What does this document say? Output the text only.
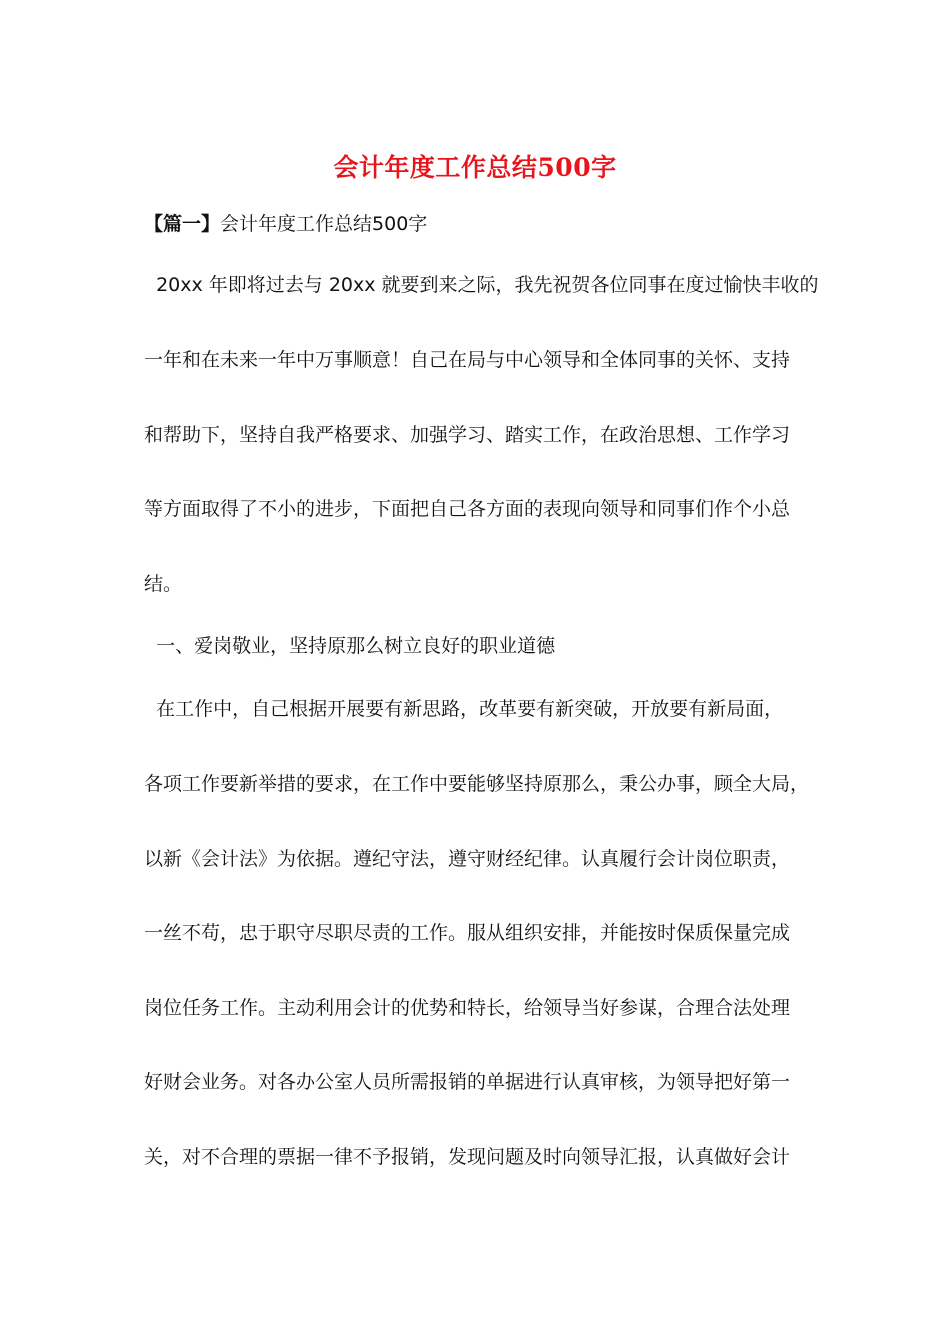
会计年度工作总结500字
【篇一】会计年度工作总结500字
20xx 年即将过去与 20xx 就要到来之际，我先祝贺各位同事在度过愉快丰收的
一年和在未来一年中万事顺意！自己在局与中心领导和全体同事的关怀、支持
和帮助下，坚持自我严格要求、加强学习、踏实工作，在政治思想、工作学习
等方面取得了不小的进步，下面把自己各方面的表现向领导和同事们作个小总
结。
一、爱岗敬业，坚持原那么树立良好的职业道德
在工作中，自己根据开展要有新思路，改革要有新突破，开放要有新局面，
各项工作要新举措的要求，在工作中要能够坚持原那么，秉公办事，顾全大局，
以新《会计法》为依据。遵纪守法，遵守财经纪律。认真履行会计岗位职责，
一丝不苟，忠于职守尽职尽责的工作。服从组织安排，并能按时保质保量完成
岗位任务工作。主动利用会计的优势和特长，给领导当好参谋，合理合法处理
好财会业务。对各办公室人员所需报销的单据进行认真审核，为领导把好第一
关，对不合理的票据一律不予报销，发现问题及时向领导汇报，认真做好会计
